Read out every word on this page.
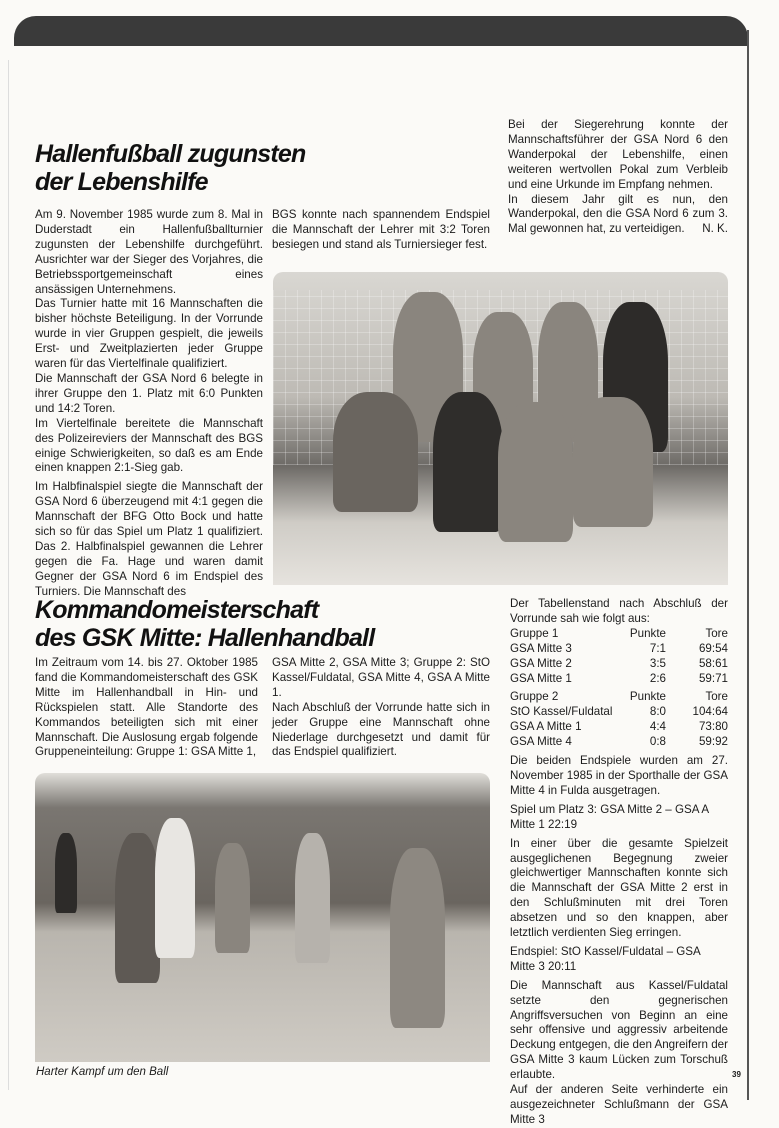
Hallenfußball zugunsten
der Lebenshilfe

Am 9. November 1985 wurde zum 8. Mal in Duderstadt ein Hallenfußballturnier zugunsten der Lebenshilfe durchgeführt. Ausrichter war der Sieger des Vorjahres, die Betriebssportgemeinschaft eines ansässigen Unternehmens.

Das Turnier hatte mit 16 Mannschaften die bisher höchste Beteiligung. In der Vorrunde wurde in vier Gruppen gespielt, die jeweils Erst- und Zweitplazierten jeder Gruppe waren für das Viertelfinale qualifiziert.

Die Mannschaft der GSA Nord 6 belegte in ihrer Gruppe den 1. Platz mit 6:0 Punkten und 14:2 Toren.

Im Viertelfinale bereitete die Mannschaft des Polizeireviers der Mannschaft des BGS einige Schwierigkeiten, so daß es am Ende einen knappen 2:1-Sieg gab.

Im Halbfinalspiel siegte die Mannschaft der GSA Nord 6 überzeugend mit 4:1 gegen die Mannschaft der BFG Otto Bock und hatte sich so für das Spiel um Platz 1 qualifiziert. Das 2. Halbfinalspiel gewannen die Lehrer gegen die Fa. Hage und waren damit Gegner der GSA Nord 6 im Endspiel des Turniers. Die Mannschaft des

BGS konnte nach spannendem Endspiel die Mannschaft der Lehrer mit 3:2 Toren besiegen und stand als Turniersieger fest.

Bei der Siegerehrung konnte der Mannschaftsführer der GSA Nord 6 den Wanderpokal der Lebenshilfe, einen weiteren wertvollen Pokal zum Verbleib und eine Urkunde im Empfang nehmen.

In diesem Jahr gilt es nun, den Wanderpokal, den die GSA Nord 6 zum 3. Mal gewonnen hat, zu verteidigen. N. K.

Kommandomeisterschaft
des GSK Mitte: Hallenhandball

Im Zeitraum vom 14. bis 27. Oktober 1985 fand die Kommandomeisterschaft des GSK Mitte im Hallenhandball in Hin- und Rückspielen statt. Alle Standorte des Kommandos beteiligten sich mit einer Mannschaft. Die Auslosung ergab folgende Gruppeneinteilung: Gruppe 1: GSA Mitte 1,

GSA Mitte 2, GSA Mitte 3; Gruppe 2: StO Kassel/Fuldatal, GSA Mitte 4, GSA A Mitte 1.

Nach Abschluß der Vorrunde hatte sich in jeder Gruppe eine Mannschaft ohne Niederlage durchgesetzt und damit für das Endspiel qualifiziert.

Harter Kampf um den Ball

Der Tabellenstand nach Abschluß der Vorrunde sah wie folgt aus:

Gruppe 1	Punkte	Tore
GSA Mitte 3	7:1	69:54
GSA Mitte 2	3:5	58:61
GSA Mitte 1	2:6	59:71
Gruppe 2	Punkte	Tore
StO Kassel/Fuldatal	8:0	104:64
GSA A Mitte 1	4:4	73:80
GSA Mitte 4	0:8	59:92

Die beiden Endspiele wurden am 27. November 1985 in der Sporthalle der GSA Mitte 4 in Fulda ausgetragen.

Spiel um Platz 3: GSA Mitte 2 – GSA A Mitte 1 22:19

In einer über die gesamte Spielzeit ausgeglichenen Begegnung zweier gleichwertiger Mannschaften konnte sich die Mannschaft der GSA Mitte 2 erst in den Schlußminuten mit drei Toren absetzen und so den knappen, aber letztlich verdienten Sieg erringen.

Endspiel: StO Kassel/Fuldatal – GSA Mitte 3 20:11

Die Mannschaft aus Kassel/Fuldatal setzte den gegnerischen Angriffsversuchen von Beginn an eine sehr offensive und aggressiv arbeitende Deckung entgegen, die den Angreifern der GSA Mitte 3 kaum Lücken zum Torschuß erlaubte.

Auf der anderen Seite verhinderte ein ausgezeichneter Schlußmann der GSA Mitte 3

39
